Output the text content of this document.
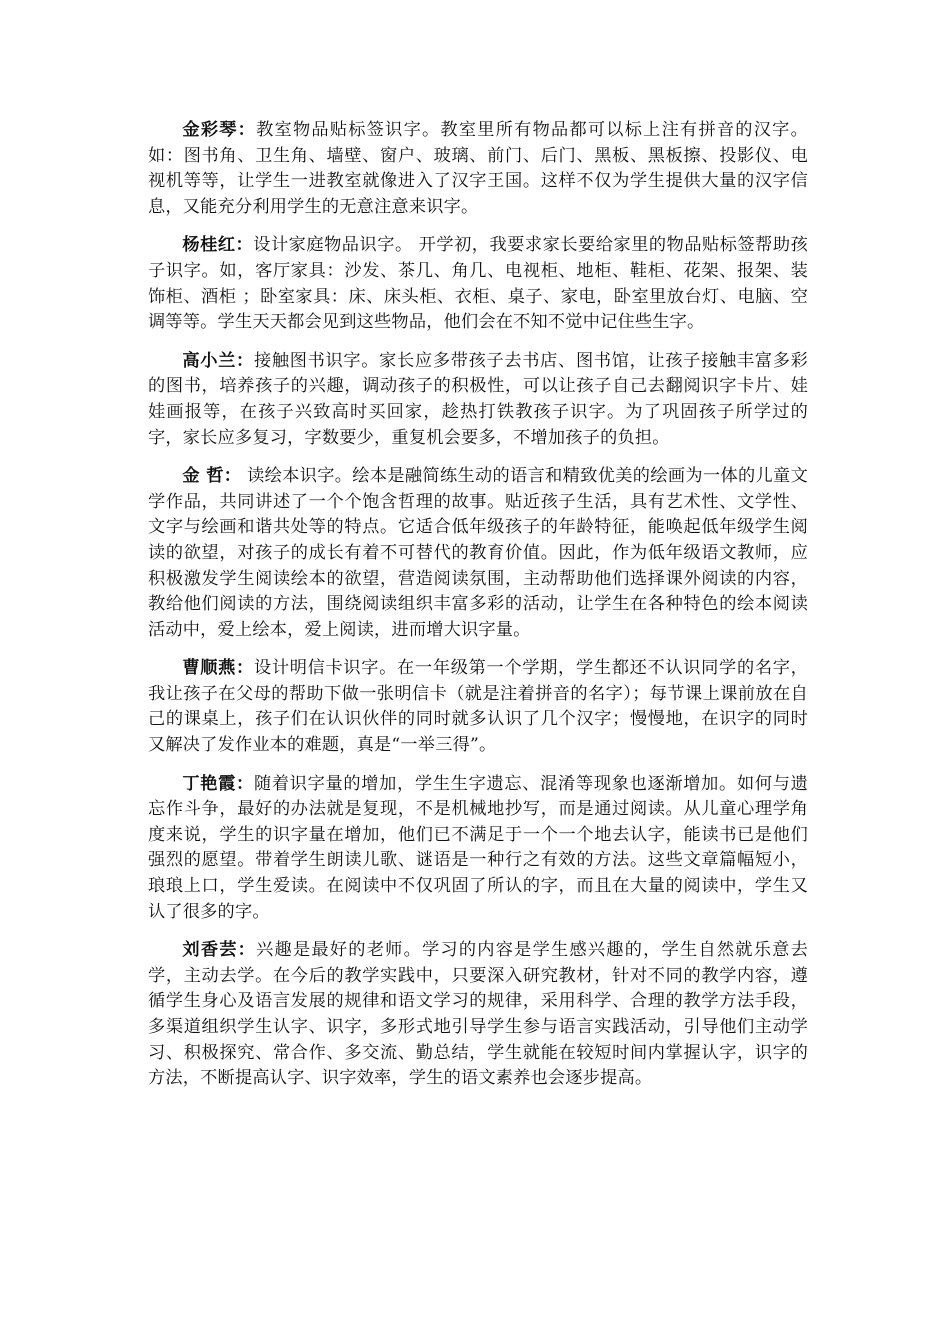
金彩琴：教室物品贴标签识字。教室里所有物品都可以标上注有拼音的汉字。如：图书角、卫生角、墙壁、窗户、玻璃、前门、后门、黑板、黑板擦、投影仪、电视机等等，让学生一进教室就像进入了汉字王国。这样不仅为学生提供大量的汉字信息，又能充分利用学生的无意注意来识字。

杨桂红：设计家庭物品识字。 开学初，我要求家长要给家里的物品贴标签帮助孩子识字。如，客厅家具：沙发、茶几、角几、电视柜、地柜、鞋柜、花架、报架、装饰柜、酒柜 ；卧室家具：床、床头柜、衣柜、桌子、家电，卧室里放台灯、电脑、空调等等。学生天天都会见到这些物品，他们会在不知不觉中记住些生字。

高小兰：接触图书识字。家长应多带孩子去书店、图书馆，让孩子接触丰富多彩的图书，培养孩子的兴趣，调动孩子的积极性，可以让孩子自己去翻阅识字卡片、娃娃画报等，在孩子兴致高时买回家，趁热打铁教孩子识字。为了巩固孩子所学过的字，家长应多复习，字数要少，重复机会要多，不增加孩子的负担。

金 哲： 读绘本识字。绘本是融简练生动的语言和精致优美的绘画为一体的儿童文学作品，共同讲述了一个个饱含哲理的故事。贴近孩子生活，具有艺术性、文学性、文字与绘画和谐共处等的特点。它适合低年级孩子的年龄特征，能唤起低年级学生阅读的欲望，对孩子的成长有着不可替代的教育价值。因此，作为低年级语文教师，应积极激发学生阅读绘本的欲望，营造阅读氛围，主动帮助他们选择课外阅读的内容，教给他们阅读的方法，围绕阅读组织丰富多彩的活动，让学生在各种特色的绘本阅读活动中，爱上绘本，爱上阅读，进而增大识字量。

曹顺燕：设计明信卡识字。在一年级第一个学期，学生都还不认识同学的名字，我让孩子在父母的帮助下做一张明信卡（就是注着拼音的名字）；每节课上课前放在自己的课桌上，孩子们在认识伙伴的同时就多认识了几个汉字；慢慢地，在识字的同时又解决了发作业本的难题，真是“一举三得”。

丁艳霞：随着识字量的增加，学生生字遗忘、混淆等现象也逐渐增加。如何与遗忘作斗争，最好的办法就是复现，不是机械地抄写，而是通过阅读。从儿童心理学角度来说，学生的识字量在增加，他们已不满足于一个一个地去认字，能读书已是他们强烈的愿望。带着学生朗读儿歌、谜语是一种行之有效的方法。这些文章篇幅短小，琅琅上口，学生爱读。在阅读中不仅巩固了所认的字，而且在大量的阅读中，学生又认了很多的字。

刘香芸：兴趣是最好的老师。学习的内容是学生感兴趣的，学生自然就乐意去学，主动去学。在今后的教学实践中，只要深入研究教材，针对不同的教学内容，遵循学生身心及语言发展的规律和语文学习的规律，采用科学、合理的教学方法手段，多渠道组织学生认字、识字，多形式地引导学生参与语言实践活动，引导他们主动学习、积极探究、常合作、多交流、勤总结，学生就能在较短时间内掌握认字，识字的方法，不断提高认字、识字效率，学生的语文素养也会逐步提高。
